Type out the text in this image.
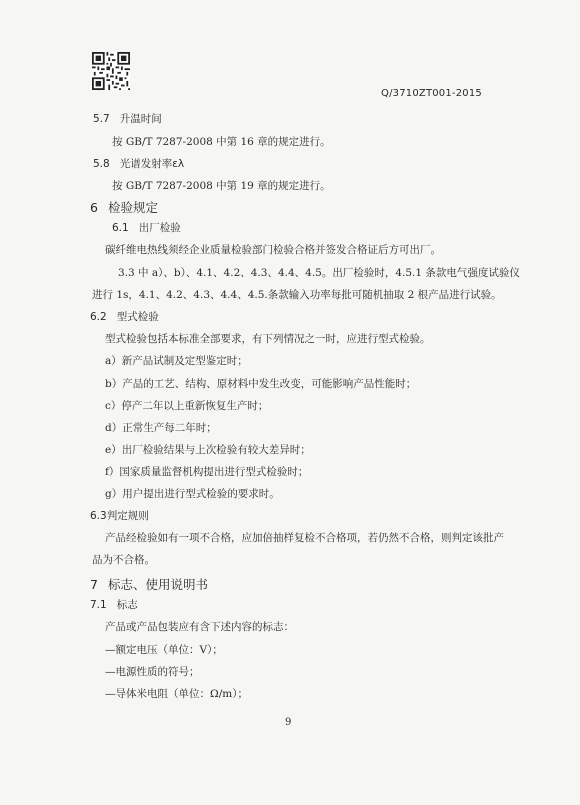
Q/3710ZT001-2015
5.7 升温时间
按 GB/T 7287-2008 中第 16 章的规定进行。
5.8 光谱发射率ελ
按 GB/T 7287-2008 中第 19 章的规定进行。
6 检验规定
6.1 出厂检验
碳纤维电热线须经企业质量检验部门检验合格并签发合格证后方可出厂。
3.3 中 a）、b）、4.1、4.2、4.3、4.4、4.5。出厂检验时，4.5.1 条款电气强度试验仪
进行 1s，4.1、4.2、4.3、4.4、4.5.条款输入功率每批可随机抽取 2 根产品进行试验。
6.2 型式检验
型式检验包括本标准全部要求，有下列情况之一时，应进行型式检验。
a）新产品试制及定型鉴定时；
b）产品的工艺、结构、原材料中发生改变，可能影响产品性能时；
c）停产二年以上重新恢复生产时；
d）正常生产每二年时；
e）出厂检验结果与上次检验有较大差异时；
f）国家质量监督机构提出进行型式检验时；
g）用户提出进行型式检验的要求时。
6.3判定规则
产品经检验如有一项不合格，应加倍抽样复检不合格项，若仍然不合格，则判定该批产
品为不合格。
7 标志、使用说明书
7.1 标志
产品或产品包装应有含下述内容的标志：
—额定电压（单位：V）；
—电源性质的符号；
—导体米电阻（单位：Ω/m）；
9
